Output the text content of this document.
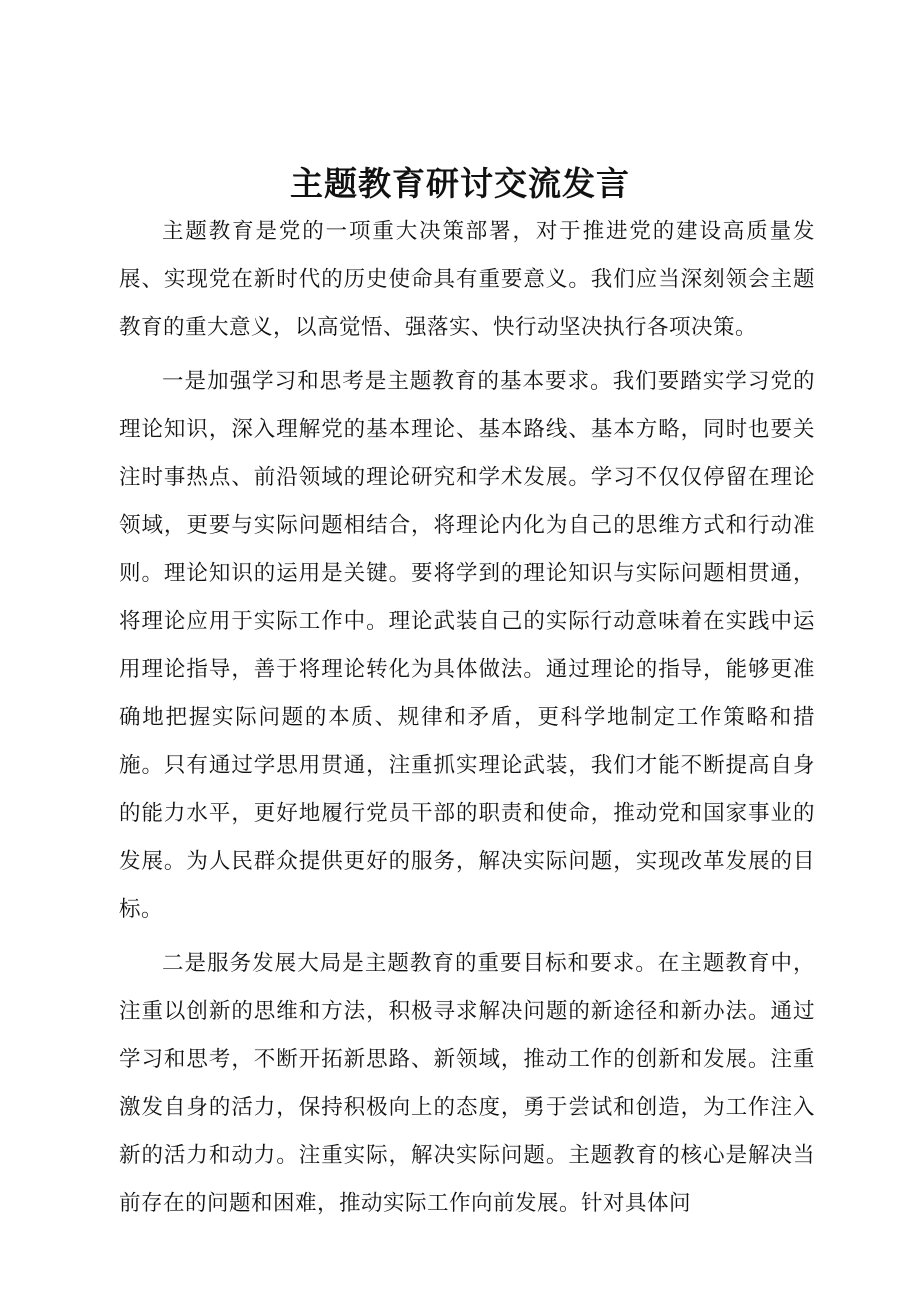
主题教育研讨交流发言

主题教育是党的一项重大决策部署，对于推进党的建设高质量发展、实现党在新时代的历史使命具有重要意义。我们应当深刻领会主题教育的重大意义，以高觉悟、强落实、快行动坚决执行各项决策。

一是加强学习和思考是主题教育的基本要求。我们要踏实学习党的理论知识，深入理解党的基本理论、基本路线、基本方略，同时也要关注时事热点、前沿领域的理论研究和学术发展。学习不仅仅停留在理论领域，更要与实际问题相结合，将理论内化为自己的思维方式和行动准则。理论知识的运用是关键。要将学到的理论知识与实际问题相贯通，将理论应用于实际工作中。理论武装自己的实际行动意味着在实践中运用理论指导，善于将理论转化为具体做法。通过理论的指导，能够更准确地把握实际问题的本质、规律和矛盾，更科学地制定工作策略和措施。只有通过学思用贯通，注重抓实理论武装，我们才能不断提高自身的能力水平，更好地履行党员干部的职责和使命，推动党和国家事业的发展。为人民群众提供更好的服务，解决实际问题，实现改革发展的目标。

二是服务发展大局是主题教育的重要目标和要求。在主题教育中，注重以创新的思维和方法，积极寻求解决问题的新途径和新办法。通过学习和思考，不断开拓新思路、新领域，推动工作的创新和发展。注重激发自身的活力，保持积极向上的态度，勇于尝试和创造，为工作注入新的活力和动力。注重实际，解决实际问题。主题教育的核心是解决当前存在的问题和困难，推动实际工作向前发展。针对具体问
